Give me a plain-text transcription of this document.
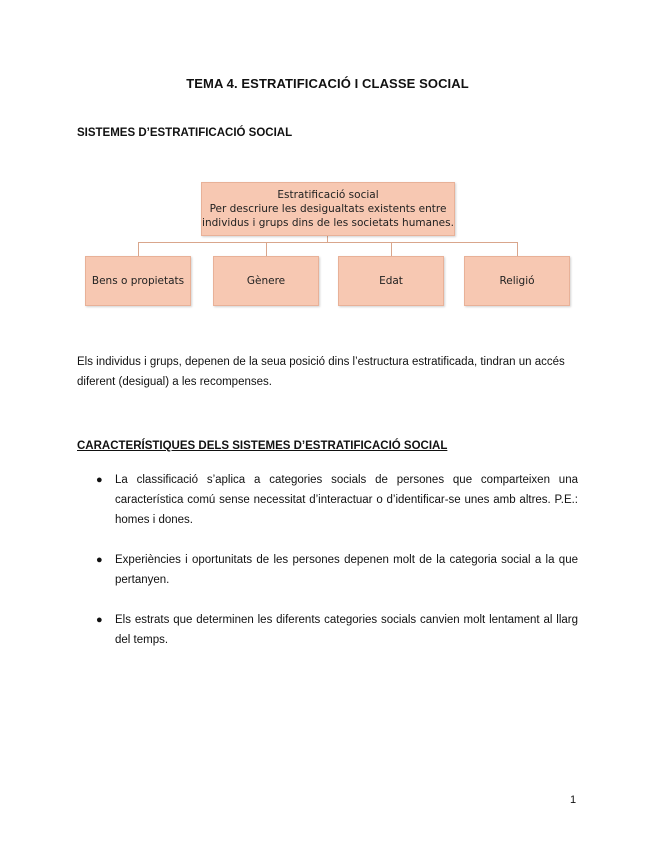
TEMA 4. ESTRATIFICACIÓ I CLASSE SOCIAL
SISTEMES D’ESTRATIFICACIÓ SOCIAL
Estratificació social
Per descriure les desigualtats existents entre
individus i grups dins de les societats humanes.
Bens o propietats	Gènere	Edat	Religió
Els individus i grups, depenen de la seua posició dins l’estructura estratificada, tindran un accés diferent (desigual) a les recompenses.
CARACTERÍSTIQUES DELS SISTEMES D’ESTRATIFICACIÓ SOCIAL
● La classificació s’aplica a categories socials de persones que comparteixen una característica comú sense necessitat d’interactuar o d’identificar-se unes amb altres. P.E.: homes i dones.
● Experiències i oportunitats de les persones depenen molt de la categoria social a la que pertanyen.
● Els estrats que determinen les diferents categories socials canvien molt lentament al llarg del temps.
1
